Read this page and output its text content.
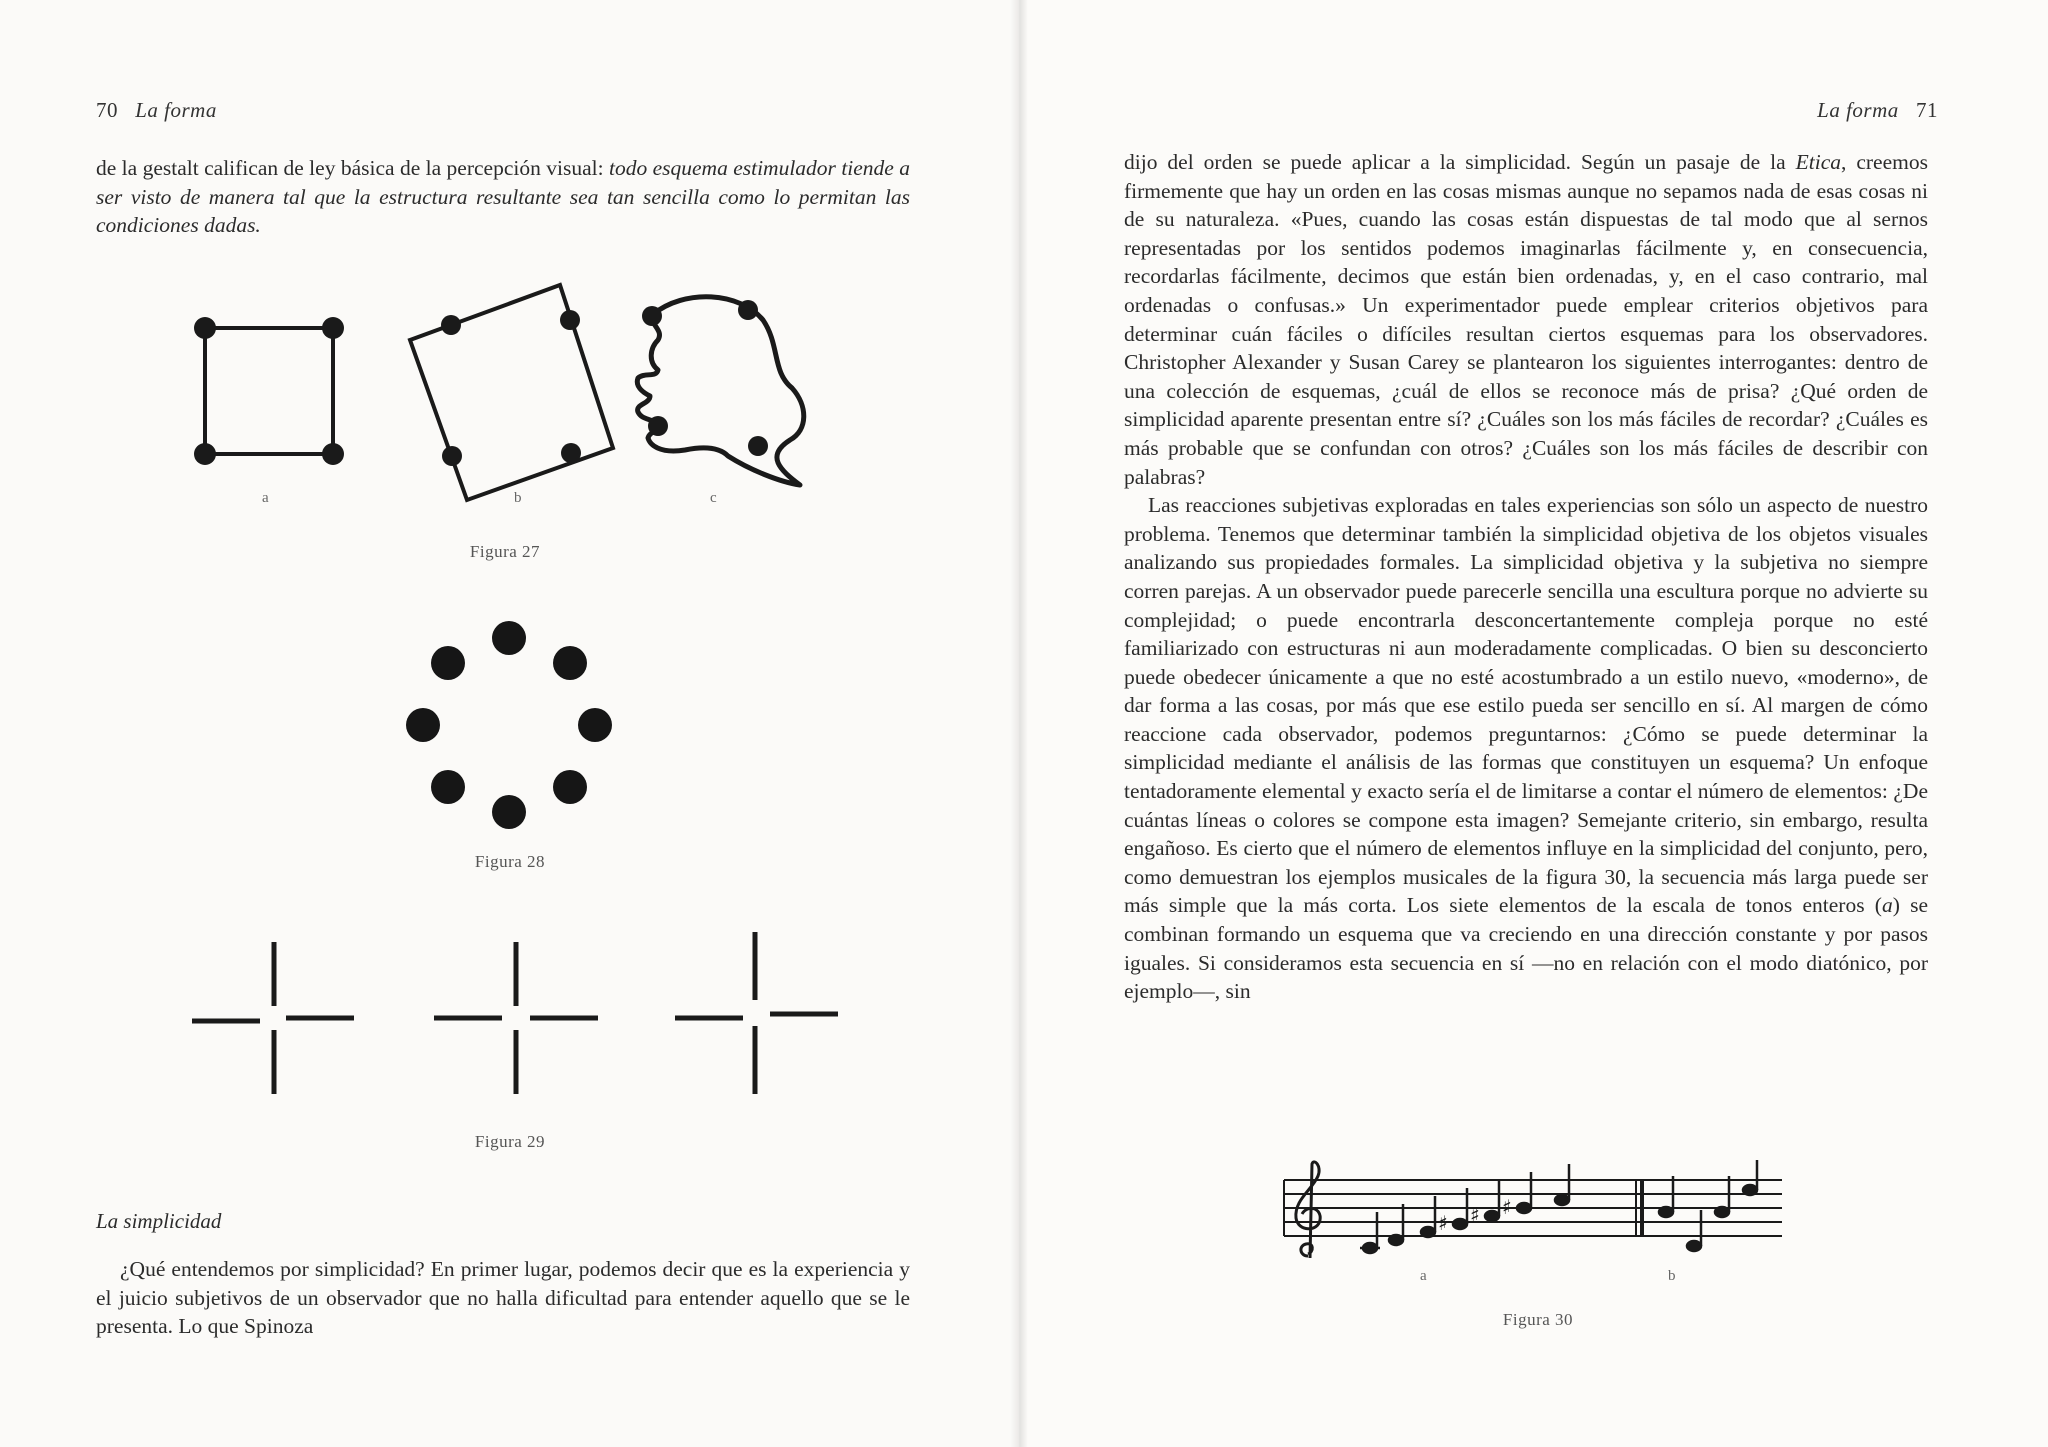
70 La forma

de la gestalt califican de ley básica de la percepción visual: todo esquema estimulador tiende a ser visto de manera tal que la estructura resultante sea tan sencilla como lo permitan las condiciones dadas.

a	b	c
Figura 27
Figura 28
Figura 29
La simplicidad

¿Qué entendemos por simplicidad? En primer lugar, podemos decir que es la experiencia y el juicio subjetivos de un observador que no halla dificultad para entender aquello que se le presenta. Lo que Spinoza

La forma 71

dijo del orden se puede aplicar a la simplicidad. Según un pasaje de la Etica, creemos firmemente que hay un orden en las cosas mismas aunque no sepamos nada de esas cosas ni de su naturaleza. «Pues, cuando las cosas están dispuestas de tal modo que al sernos representadas por los sentidos podemos imaginarlas fácilmente y, en consecuencia, recordarlas fácilmente, decimos que están bien ordenadas, y, en el caso contrario, mal ordenadas o confusas.» Un experimentador puede emplear criterios objetivos para determinar cuán fáciles o difíciles resultan ciertos esquemas para los observadores. Christopher Alexander y Susan Carey se plantearon los siguientes interrogantes: dentro de una colección de esquemas, ¿cuál de ellos se reconoce más de prisa? ¿Qué orden de simplicidad aparente presentan entre sí? ¿Cuáles son los más fáciles de recordar? ¿Cuáles es más probable que se confundan con otros? ¿Cuáles son los más fáciles de describir con palabras?

Las reacciones subjetivas exploradas en tales experiencias son sólo un aspecto de nuestro problema. Tenemos que determinar también la simplicidad objetiva de los objetos visuales analizando sus propiedades formales. La simplicidad objetiva y la subjetiva no siempre corren parejas. A un observador puede parecerle sencilla una escultura porque no advierte su complejidad; o puede encontrarla desconcertantemente compleja porque no esté familiarizado con estructuras ni aun moderadamente complicadas. O bien su desconcierto puede obedecer únicamente a que no esté acostumbrado a un estilo nuevo, «moderno», de dar forma a las cosas, por más que ese estilo pueda ser sencillo en sí. Al margen de cómo reaccione cada observador, podemos preguntarnos: ¿Cómo se puede determinar la simplicidad mediante el análisis de las formas que constituyen un esquema? Un enfoque tentadoramente elemental y exacto sería el de limitarse a contar el número de elementos: ¿De cuántas líneas o colores se compone esta imagen? Semejante criterio, sin embargo, resulta engañoso. Es cierto que el número de elementos influye en la simplicidad del conjunto, pero, como demuestran los ejemplos musicales de la figura 30, la secuencia más larga puede ser más simple que la más corta. Los siete elementos de la escala de tonos enteros (a) se combinan formando un esquema que va creciendo en una dirección constante y por pasos iguales. Si consideramos esta secuencia en sí —no en relación con el modo diatónico, por ejemplo—, sin

♯ ♯ ♯
a	b
Figura 30
